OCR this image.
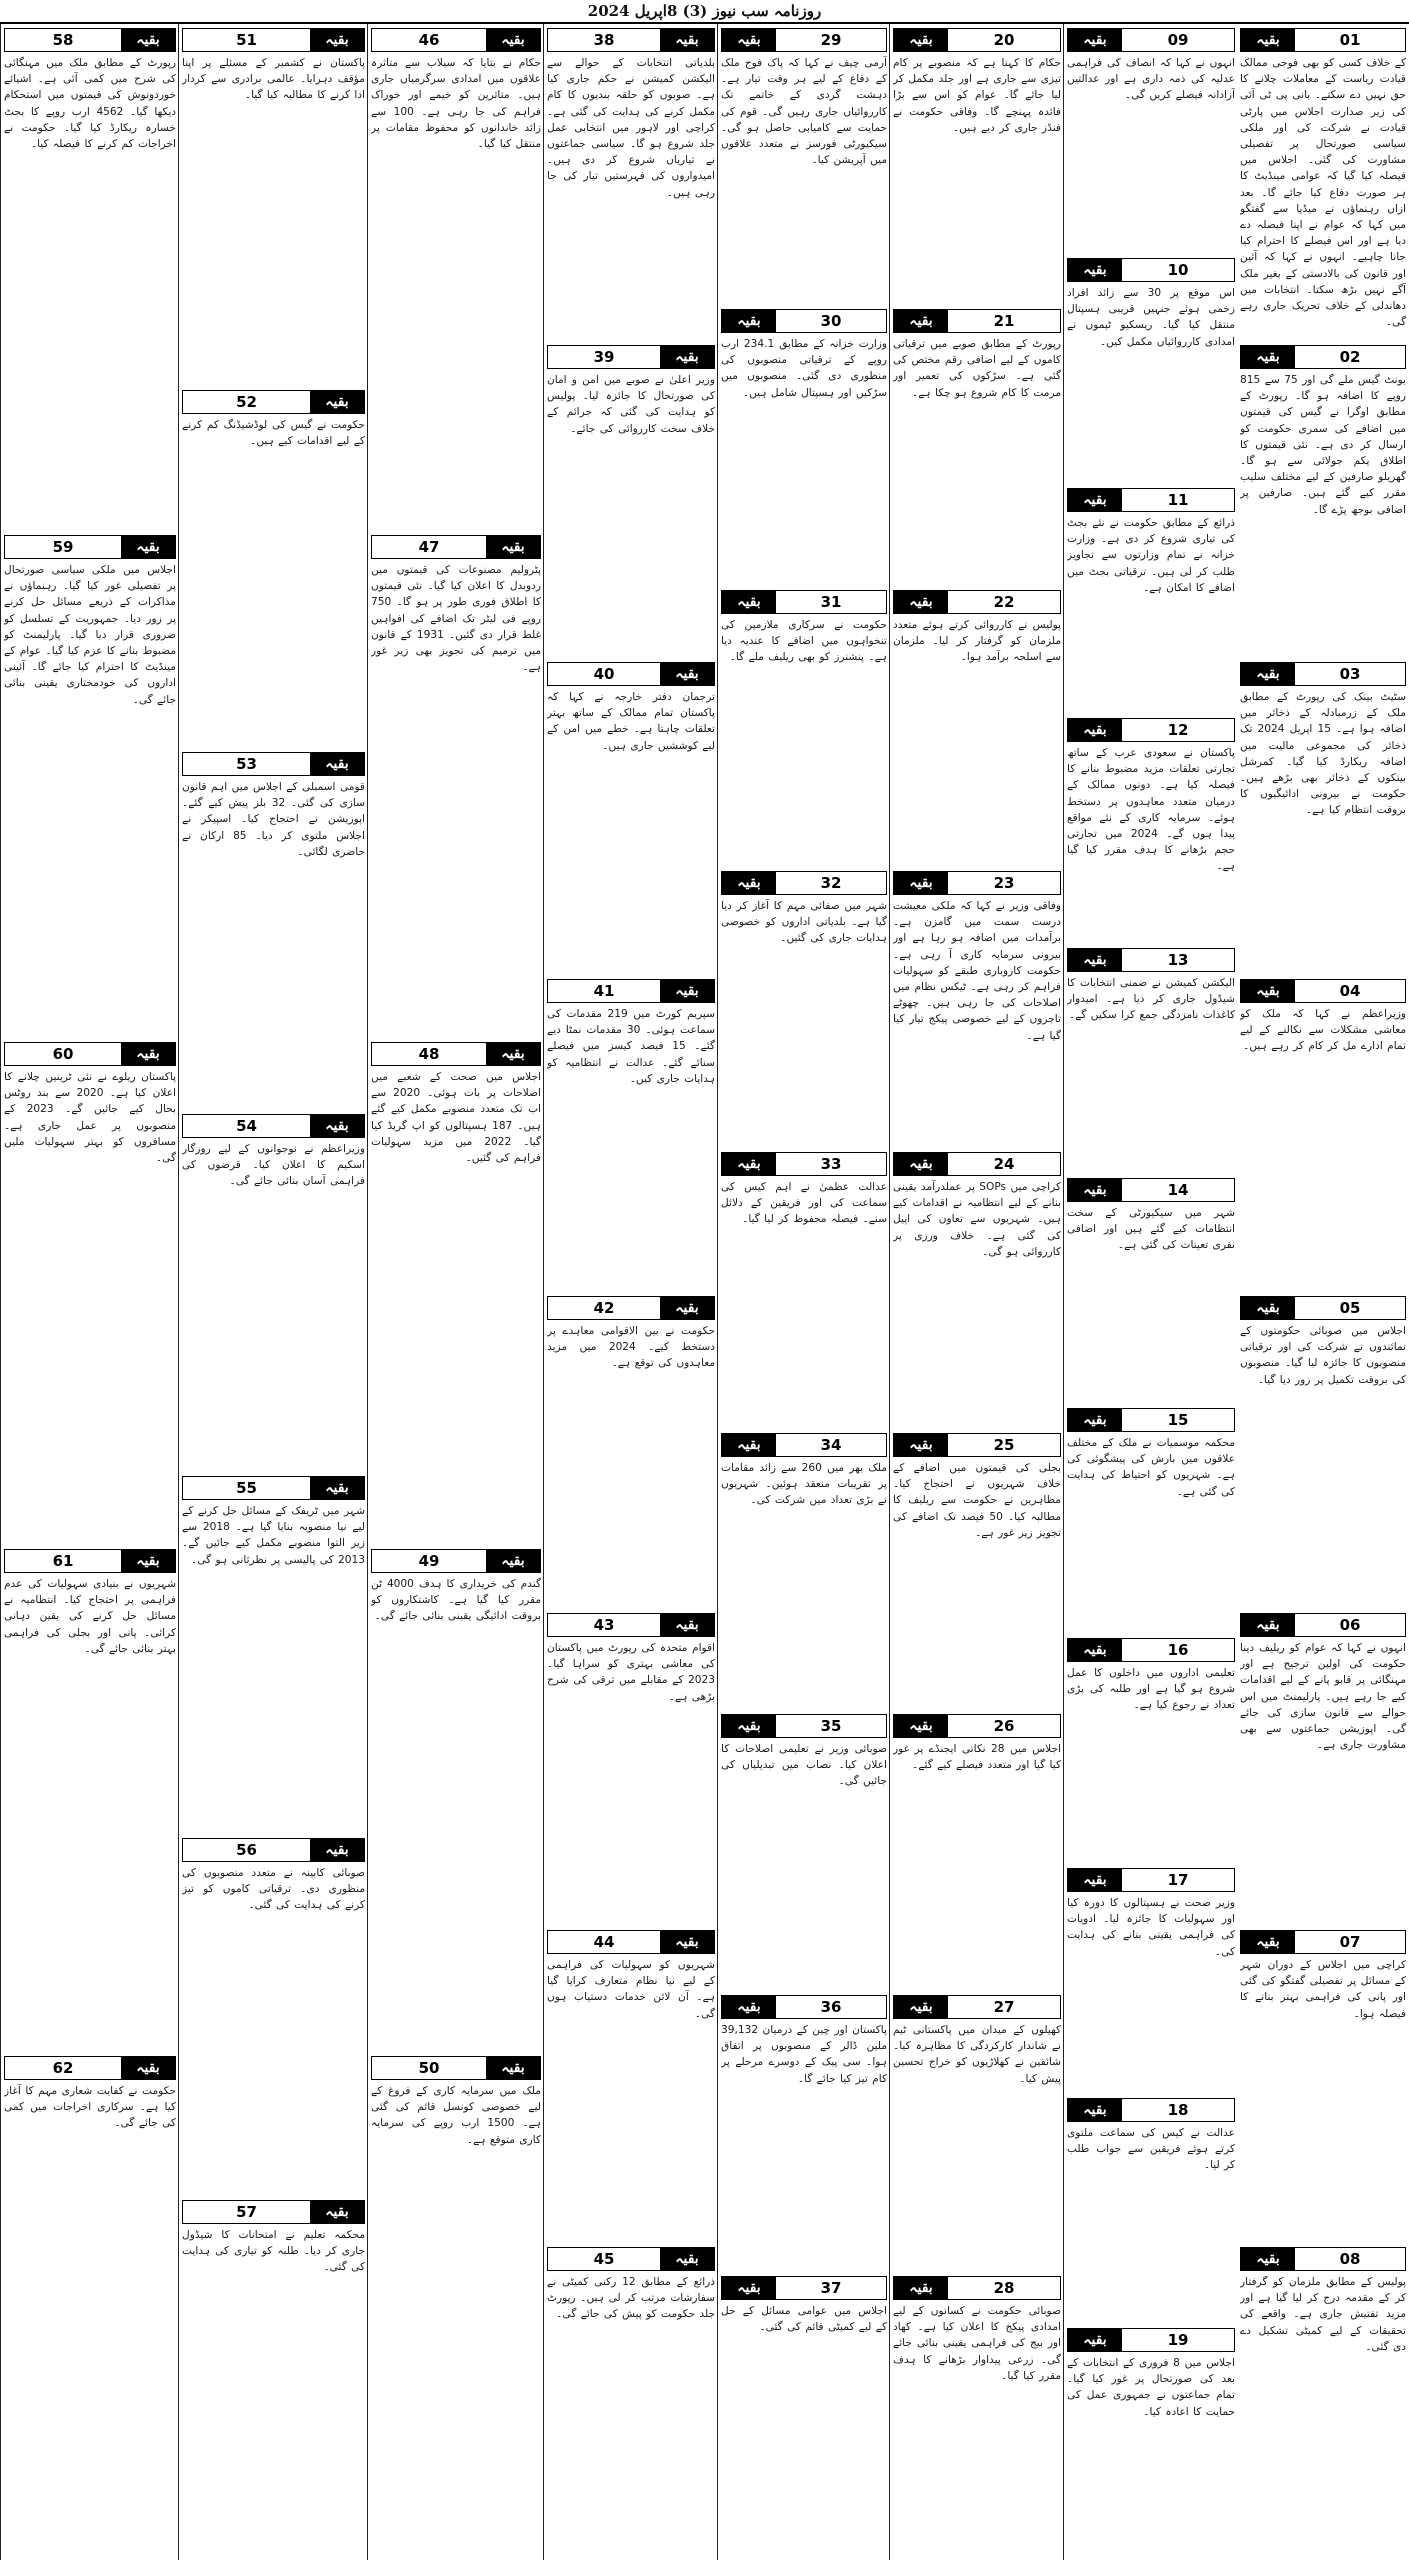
روزنامہ سب نیوز (3) 8اپریل 2024
01
بقیہ
کے خلاف کسی کو بھی فوجی ممالک قیادت ریاست کے معاملات چلانے کا حق نہیں دے سکتے۔ بانی پی ٹی آئی کی زیر صدارت اجلاس میں پارٹی قیادت نے شرکت کی اور ملکی سیاسی صورتحال پر تفصیلی مشاورت کی گئی۔ اجلاس میں فیصلہ کیا گیا کہ عوامی مینڈیٹ کا ہر صورت دفاع کیا جائے گا۔ بعد ازاں رہنماؤں نے میڈیا سے گفتگو میں کہا کہ عوام نے اپنا فیصلہ دے دیا ہے اور اس فیصلے کا احترام کیا جانا چاہیے۔ انہوں نے کہا کہ آئین اور قانون کی بالادستی کے بغیر ملک آگے نہیں بڑھ سکتا۔ انتخابات میں دھاندلی کے خلاف تحریک جاری رہے گی۔
02
بقیہ
یونٹ گیس ملے گی اور 75 سے 815 روپے کا اضافہ ہو گا۔ رپورٹ کے مطابق اوگرا نے گیس کی قیمتوں میں اضافے کی سمری حکومت کو ارسال کر دی ہے۔ نئی قیمتوں کا اطلاق یکم جولائی سے ہو گا۔ گھریلو صارفین کے لیے مختلف سلیب مقرر کیے گئے ہیں۔ صارفین پر اضافی بوجھ پڑے گا۔
03
بقیہ
سٹیٹ بینک کی رپورٹ کے مطابق ملک کے زرمبادلہ کے ذخائر میں اضافہ ہوا ہے۔ 15 اپریل 2024 تک ذخائر کی مجموعی مالیت میں اضافہ ریکارڈ کیا گیا۔ کمرشل بینکوں کے ذخائر بھی بڑھے ہیں۔ حکومت نے بیرونی ادائیگیوں کا بروقت انتظام کیا ہے۔
04
بقیہ
وزیراعظم نے کہا کہ ملک کو معاشی مشکلات سے نکالنے کے لیے تمام ادارے مل کر کام کر رہے ہیں۔
05
بقیہ
اجلاس میں صوبائی حکومتوں کے نمائندوں نے شرکت کی اور ترقیاتی منصوبوں کا جائزہ لیا گیا۔ منصوبوں کی بروقت تکمیل پر زور دیا گیا۔
06
بقیہ
انہوں نے کہا کہ عوام کو ریلیف دینا حکومت کی اولین ترجیح ہے اور مہنگائی پر قابو پانے کے لیے اقدامات کیے جا رہے ہیں۔ پارلیمنٹ میں اس حوالے سے قانون سازی کی جائے گی۔ اپوزیشن جماعتوں سے بھی مشاورت جاری ہے۔
07
بقیہ
کراچی میں اجلاس کے دوران شہر کے مسائل پر تفصیلی گفتگو کی گئی اور پانی کی فراہمی بہتر بنانے کا فیصلہ ہوا۔
08
بقیہ
پولیس کے مطابق ملزمان کو گرفتار کر کے مقدمہ درج کر لیا گیا ہے اور مزید تفتیش جاری ہے۔ واقعے کی تحقیقات کے لیے کمیٹی تشکیل دے دی گئی۔
09
بقیہ
انہوں نے کہا کہ انصاف کی فراہمی عدلیہ کی ذمہ داری ہے اور عدالتیں آزادانہ فیصلے کریں گی۔
10
بقیہ
اس موقع پر 30 سے زائد افراد زخمی ہوئے جنہیں قریبی ہسپتال منتقل کیا گیا۔ ریسکیو ٹیموں نے امدادی کارروائیاں مکمل کیں۔
11
بقیہ
ذرائع کے مطابق حکومت نے نئے بجٹ کی تیاری شروع کر دی ہے۔ وزارت خزانہ نے تمام وزارتوں سے تجاویز طلب کر لی ہیں۔ ترقیاتی بجٹ میں اضافے کا امکان ہے۔
12
بقیہ
پاکستان نے سعودی عرب کے ساتھ تجارتی تعلقات مزید مضبوط بنانے کا فیصلہ کیا ہے۔ دونوں ممالک کے درمیان متعدد معاہدوں پر دستخط ہوئے۔ سرمایہ کاری کے نئے مواقع پیدا ہوں گے۔ 2024 میں تجارتی حجم بڑھانے کا ہدف مقرر کیا گیا ہے۔
13
بقیہ
الیکشن کمیشن نے ضمنی انتخابات کا شیڈول جاری کر دیا ہے۔ امیدوار کاغذات نامزدگی جمع کرا سکیں گے۔
14
بقیہ
شہر میں سیکیورٹی کے سخت انتظامات کیے گئے ہیں اور اضافی نفری تعینات کی گئی ہے۔
15
بقیہ
محکمہ موسمیات نے ملک کے مختلف علاقوں میں بارش کی پیشگوئی کی ہے۔ شہریوں کو احتیاط کی ہدایت کی گئی ہے۔
16
بقیہ
تعلیمی اداروں میں داخلوں کا عمل شروع ہو گیا ہے اور طلبہ کی بڑی تعداد نے رجوع کیا ہے۔
17
بقیہ
وزیر صحت نے ہسپتالوں کا دورہ کیا اور سہولیات کا جائزہ لیا۔ ادویات کی فراہمی یقینی بنانے کی ہدایت کی۔
18
بقیہ
عدالت نے کیس کی سماعت ملتوی کرتے ہوئے فریقین سے جواب طلب کر لیا۔
19
بقیہ
اجلاس میں 8 فروری کے انتخابات کے بعد کی صورتحال پر غور کیا گیا۔ تمام جماعتوں نے جمہوری عمل کی حمایت کا اعادہ کیا۔
20
بقیہ
حکام کا کہنا ہے کہ منصوبے پر کام تیزی سے جاری ہے اور جلد مکمل کر لیا جائے گا۔ عوام کو اس سے بڑا فائدہ پہنچے گا۔ وفاقی حکومت نے فنڈز جاری کر دیے ہیں۔
21
بقیہ
رپورٹ کے مطابق صوبے میں ترقیاتی کاموں کے لیے اضافی رقم مختص کی گئی ہے۔ سڑکوں کی تعمیر اور مرمت کا کام شروع ہو چکا ہے۔
22
بقیہ
پولیس نے کارروائی کرتے ہوئے متعدد ملزمان کو گرفتار کر لیا۔ ملزمان سے اسلحہ برآمد ہوا۔
23
بقیہ
وفاقی وزیر نے کہا کہ ملکی معیشت درست سمت میں گامزن ہے۔ برآمدات میں اضافہ ہو رہا ہے اور بیرونی سرمایہ کاری آ رہی ہے۔ حکومت کاروباری طبقے کو سہولیات فراہم کر رہی ہے۔ ٹیکس نظام میں اصلاحات کی جا رہی ہیں۔ چھوٹے تاجروں کے لیے خصوصی پیکج تیار کیا گیا ہے۔
24
بقیہ
کراچی میں SOPs پر عملدرآمد یقینی بنانے کے لیے انتظامیہ نے اقدامات کیے ہیں۔ شہریوں سے تعاون کی اپیل کی گئی ہے۔ خلاف ورزی پر کارروائی ہو گی۔
25
بقیہ
بجلی کی قیمتوں میں اضافے کے خلاف شہریوں نے احتجاج کیا۔ مظاہرین نے حکومت سے ریلیف کا مطالبہ کیا۔ 50 فیصد تک اضافے کی تجویز زیر غور ہے۔
26
بقیہ
اجلاس میں 28 نکاتی ایجنڈے پر غور کیا گیا اور متعدد فیصلے کیے گئے۔
27
بقیہ
کھیلوں کے میدان میں پاکستانی ٹیم نے شاندار کارکردگی کا مظاہرہ کیا۔ شائقین نے کھلاڑیوں کو خراج تحسین پیش کیا۔
28
بقیہ
صوبائی حکومت نے کسانوں کے لیے امدادی پیکج کا اعلان کیا ہے۔ کھاد اور بیج کی فراہمی یقینی بنائی جائے گی۔ زرعی پیداوار بڑھانے کا ہدف مقرر کیا گیا۔
29
بقیہ
آرمی چیف نے کہا کہ پاک فوج ملک کے دفاع کے لیے ہر وقت تیار ہے۔ دہشت گردی کے خاتمے تک کارروائیاں جاری رہیں گی۔ قوم کی حمایت سے کامیابی حاصل ہو گی۔ سیکیورٹی فورسز نے متعدد علاقوں میں آپریشن کیا۔
30
بقیہ
وزارت خزانہ کے مطابق 234.1 ارب روپے کے ترقیاتی منصوبوں کی منظوری دی گئی۔ منصوبوں میں سڑکیں اور ہسپتال شامل ہیں۔
31
بقیہ
حکومت نے سرکاری ملازمین کی تنخواہوں میں اضافے کا عندیہ دیا ہے۔ پنشنرز کو بھی ریلیف ملے گا۔
32
بقیہ
شہر میں صفائی مہم کا آغاز کر دیا گیا ہے۔ بلدیاتی اداروں کو خصوصی ہدایات جاری کی گئیں۔
33
بقیہ
عدالت عظمیٰ نے اہم کیس کی سماعت کی اور فریقین کے دلائل سنے۔ فیصلہ محفوظ کر لیا گیا۔
34
بقیہ
ملک بھر میں 260 سے زائد مقامات پر تقریبات منعقد ہوئیں۔ شہریوں نے بڑی تعداد میں شرکت کی۔
35
بقیہ
صوبائی وزیر نے تعلیمی اصلاحات کا اعلان کیا۔ نصاب میں تبدیلیاں کی جائیں گی۔
36
بقیہ
پاکستان اور چین کے درمیان 39,132 ملین ڈالر کے منصوبوں پر اتفاق ہوا۔ سی پیک کے دوسرے مرحلے پر کام تیز کیا جائے گا۔
37
بقیہ
اجلاس میں عوامی مسائل کے حل کے لیے کمیٹی قائم کی گئی۔
38	بقیہ
بلدیاتی انتخابات کے حوالے سے الیکشن کمیشن نے حکم جاری کیا ہے۔ صوبوں کو حلقہ بندیوں کا کام مکمل کرنے کی ہدایت کی گئی ہے۔ کراچی اور لاہور میں انتخابی عمل جلد شروع ہو گا۔ سیاسی جماعتوں نے تیاریاں شروع کر دی ہیں۔ امیدواروں کی فہرستیں تیار کی جا رہی ہیں۔
39	بقیہ
وزیر اعلیٰ نے صوبے میں امن و امان کی صورتحال کا جائزہ لیا۔ پولیس کو ہدایت کی گئی کہ جرائم کے خلاف سخت کارروائی کی جائے۔
40	بقیہ
ترجمان دفتر خارجہ نے کہا کہ پاکستان تمام ممالک کے ساتھ بہتر تعلقات چاہتا ہے۔ خطے میں امن کے لیے کوششیں جاری ہیں۔
41	بقیہ
سپریم کورٹ میں 219 مقدمات کی سماعت ہوئی۔ 30 مقدمات نمٹا دیے گئے۔ 15 فیصد کیسز میں فیصلے سنائے گئے۔ عدالت نے انتظامیہ کو ہدایات جاری کیں۔
42	بقیہ
حکومت نے بین الاقوامی معاہدے پر دستخط کیے۔ 2024 میں مزید معاہدوں کی توقع ہے۔
43	بقیہ
اقوام متحدہ کی رپورٹ میں پاکستان کی معاشی بہتری کو سراہا گیا۔ 2023 کے مقابلے میں ترقی کی شرح بڑھی ہے۔
44	بقیہ
شہریوں کو سہولیات کی فراہمی کے لیے نیا نظام متعارف کرایا گیا ہے۔ آن لائن خدمات دستیاب ہوں گی۔
45	بقیہ
ذرائع کے مطابق 12 رکنی کمیٹی نے سفارشات مرتب کر لی ہیں۔ رپورٹ جلد حکومت کو پیش کی جائے گی۔
46	بقیہ
حکام نے بتایا کہ سیلاب سے متاثرہ علاقوں میں امدادی سرگرمیاں جاری ہیں۔ متاثرین کو خیمے اور خوراک فراہم کی جا رہی ہے۔ 100 سے زائد خاندانوں کو محفوظ مقامات پر منتقل کیا گیا۔
47	بقیہ
پٹرولیم مصنوعات کی قیمتوں میں ردوبدل کا اعلان کیا گیا۔ نئی قیمتوں کا اطلاق فوری طور پر ہو گا۔ 750 روپے فی لیٹر تک اضافے کی افواہیں غلط قرار دی گئیں۔ 1931 کے قانون میں ترمیم کی تجویز بھی زیر غور ہے۔
48	بقیہ
اجلاس میں صحت کے شعبے میں اصلاحات پر بات ہوئی۔ 2020 سے اب تک متعدد منصوبے مکمل کیے گئے ہیں۔ 187 ہسپتالوں کو اپ گریڈ کیا گیا۔ 2022 میں مزید سہولیات فراہم کی گئیں۔
49	بقیہ
گندم کی خریداری کا ہدف 4000 ٹن مقرر کیا گیا ہے۔ کاشتکاروں کو بروقت ادائیگی یقینی بنائی جائے گی۔
50	بقیہ
ملک میں سرمایہ کاری کے فروغ کے لیے خصوصی کونسل قائم کی گئی ہے۔ 1500 ارب روپے کی سرمایہ کاری متوقع ہے۔
51	بقیہ
پاکستان نے کشمیر کے مسئلے پر اپنا مؤقف دہرایا۔ عالمی برادری سے کردار ادا کرنے کا مطالبہ کیا گیا۔
52	بقیہ
حکومت نے گیس کی لوڈشیڈنگ کم کرنے کے لیے اقدامات کیے ہیں۔
53	بقیہ
قومی اسمبلی کے اجلاس میں اہم قانون سازی کی گئی۔ 32 بلز پیش کیے گئے۔ اپوزیشن نے احتجاج کیا۔ اسپیکر نے اجلاس ملتوی کر دیا۔ 85 ارکان نے حاضری لگائی۔
54	بقیہ
وزیراعظم نے نوجوانوں کے لیے روزگار اسکیم کا اعلان کیا۔ قرضوں کی فراہمی آسان بنائی جائے گی۔
55	بقیہ
شہر میں ٹریفک کے مسائل حل کرنے کے لیے نیا منصوبہ بنایا گیا ہے۔ 2018 سے زیر التوا منصوبے مکمل کیے جائیں گے۔ 2013 کی پالیسی پر نظرثانی ہو گی۔
56	بقیہ
صوبائی کابینہ نے متعدد منصوبوں کی منظوری دی۔ ترقیاتی کاموں کو تیز کرنے کی ہدایت کی گئی۔
57	بقیہ
محکمہ تعلیم نے امتحانات کا شیڈول جاری کر دیا۔ طلبہ کو تیاری کی ہدایت کی گئی۔
58	بقیہ
رپورٹ کے مطابق ملک میں مہنگائی کی شرح میں کمی آئی ہے۔ اشیائے خوردونوش کی قیمتوں میں استحکام دیکھا گیا۔ 4562 ارب روپے کا بجٹ خسارہ ریکارڈ کیا گیا۔ حکومت نے اخراجات کم کرنے کا فیصلہ کیا۔
59	بقیہ
اجلاس میں ملکی سیاسی صورتحال پر تفصیلی غور کیا گیا۔ رہنماؤں نے مذاکرات کے ذریعے مسائل حل کرنے پر زور دیا۔ جمہوریت کے تسلسل کو ضروری قرار دیا گیا۔ پارلیمنٹ کو مضبوط بنانے کا عزم کیا گیا۔ عوام کے مینڈیٹ کا احترام کیا جائے گا۔ آئینی اداروں کی خودمختاری یقینی بنائی جائے گی۔
60	بقیہ
پاکستان ریلوے نے نئی ٹرینیں چلانے کا اعلان کیا ہے۔ 2020 سے بند روٹس بحال کیے جائیں گے۔ 2023 کے منصوبوں پر عمل جاری ہے۔ مسافروں کو بہتر سہولیات ملیں گی۔
61	بقیہ
شہریوں نے بنیادی سہولیات کی عدم فراہمی پر احتجاج کیا۔ انتظامیہ نے مسائل حل کرنے کی یقین دہانی کرائی۔ پانی اور بجلی کی فراہمی بہتر بنائی جائے گی۔
62	بقیہ
حکومت نے کفایت شعاری مہم کا آغاز کیا ہے۔ سرکاری اخراجات میں کمی کی جائے گی۔
